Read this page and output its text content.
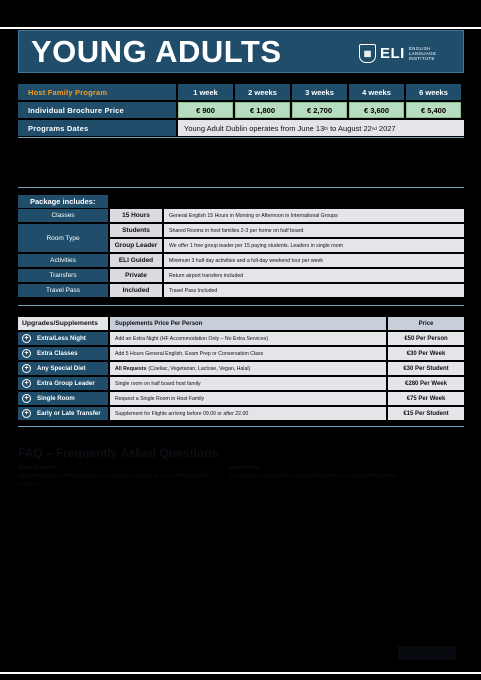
YOUNG ADULTS	▦ ELI ENGLISH
LANGUAGE
INSTITUTE
Host Family Program	1 week	2 weeks	3 weeks	4 weeks	6 weeks
Individual Brochure Price	€ 900	€ 1,800	€ 2,700	€ 3,600	€ 5,400
Programs Dates	Young Adult Dublin operates from June 13 th to August 22 nd 2027
Package includes:
Classes	15 Hours	General English 15 Hours in Morning or Afternoon in International Groups
Room Type
Students	Shared Rooms in host families 2-3 per home on half board
Group Leader	We offer 1 free group leader per 15 paying students. Leaders in single room
Activities	ELI Guided	Minimum 3 half day activities and a full-day weekend tour per week
Transfers	Private	Return airport transfers included
Travel Pass	Included	Travel Pass Included
Upgrades/Supplements	Supplements Price Per Person	Price
+	Extra/Less Night	Add an Extra Night (HF Accommodation Only – No Extra Services)	€50 Per Person
+	Extra Classes	Add 5 Hours General English, Exam Prep or Conversation Class	€30 Per Week
+	Any Special Diet	All Requests (Coeliac, Vegetarian, Lactose, Vegan, Halal)	€30 Per Student
+	Extra Group Leader	Single room on half board host family	€280 Per Week
+	Single Room	Request a Single Room in Host Family	€75 Per Week
+	Early or Late Transfer	Supplement for Flights arriving before 09.00 or after 22.00	€15 Per Student
FAQ – Frequently Asked Questions
Class Transfer
Students can get off the program for each type of class as in the allocated ETS / Schools.
Special Diet
Any special request will be charged for delivery to applicable students.
